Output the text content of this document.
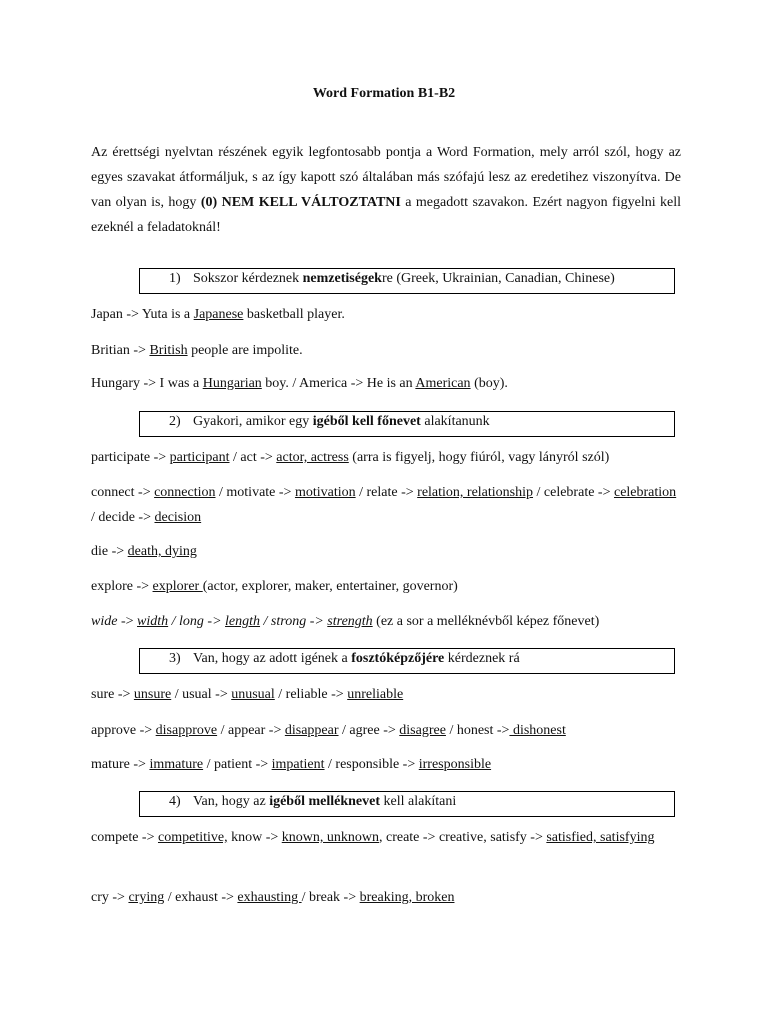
Word Formation B1-B2
Az érettségi nyelvtan részének egyik legfontosabb pontja a Word Formation, mely arról szól, hogy az egyes szavakat átformáljuk, s az így kapott szó általában más szófajú lesz az eredetihez viszonyítva. De van olyan is, hogy (0) NEM KELL VÁLTOZTATNI a megadott szavakon. Ezért nagyon figyelni kell ezeknél a feladatoknál!
1) Sokszor kérdeznek nemzetiségekre (Greek, Ukrainian, Canadian, Chinese)
Japan -> Yuta is a Japanese basketball player.
Britian -> British people are impolite.
Hungary -> I was a Hungarian boy. / America -> He is an American (boy).
2) Gyakori, amikor egy igéből kell főnevet alakítanunk
participate -> participant / act -> actor, actress (arra is figyelj, hogy fiúról, vagy lányról szól)
connect -> connection / motivate -> motivation / relate -> relation, relationship / celebrate -> celebration / decide -> decision
die -> death, dying
explore -> explorer (actor, explorer, maker, entertainer, governor)
wide -> width / long -> length / strong -> strength (ez a sor a melléknévből képez főnevet)
3) Van, hogy az adott igének a fosztóképzőjére kérdeznek rá
sure -> unsure / usual -> unusual / reliable -> unreliable
approve -> disapprove / appear -> disappear / agree -> disagree / honest -> dishonest
mature -> immature / patient -> impatient / responsible -> irresponsible
4) Van, hogy az igéből melléknevet kell alakítani
compete -> competitive, know -> known, unknown, create -> creative, satisfy -> satisfied, satisfying
cry -> crying / exhaust -> exhausting / break -> breaking, broken
